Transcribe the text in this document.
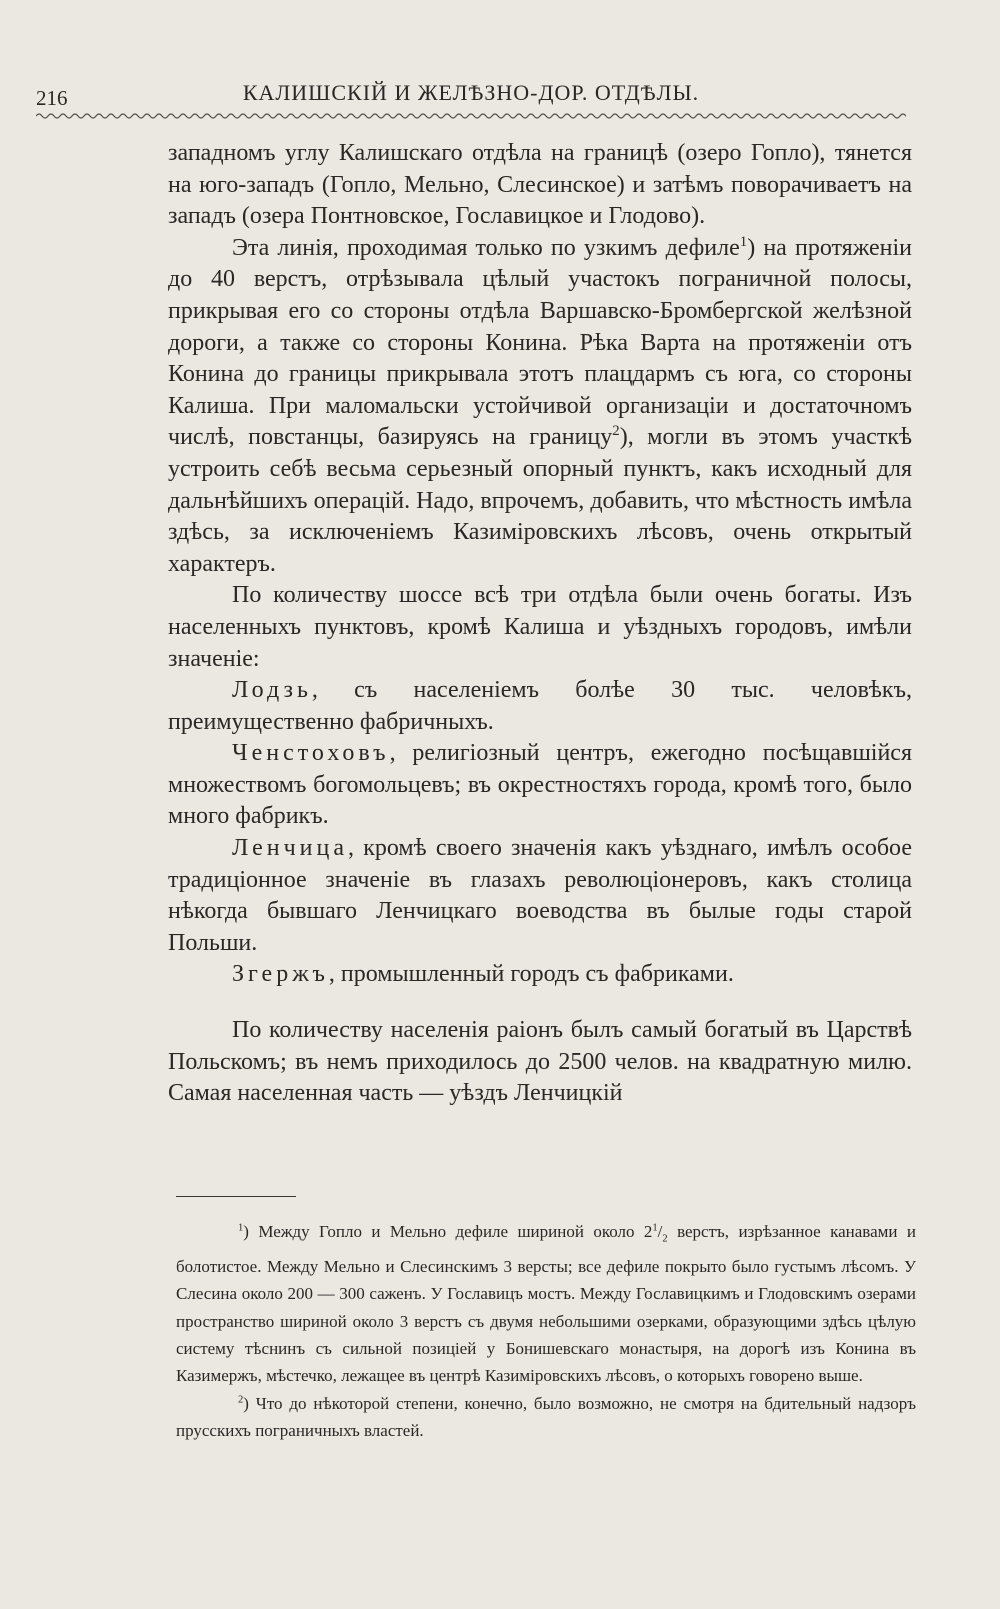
216	КАЛИШСКІЙ И ЖЕЛѢЗНО-ДОР. ОТДѢЛЫ.

западномъ углу Калишскаго отдѣла на границѣ (озеро Гопло), тянется на юго-западъ (Гопло, Мельно, Слесинское) и затѣмъ поворачиваетъ на западъ (озера Понтновское, Гославицкое и Глодово).

Эта линія, проходимая только по узкимъ дефиле$^1$) на протяженіи до 40 верстъ, отрѣзывала цѣлый участокъ пограничной полосы, прикрывая его со стороны отдѣла Варшавско-Бромбергской желѣзной дороги, а также со стороны Конина. Рѣка Варта на протяженіи отъ Конина до границы прикрывала этотъ плацдармъ съ юга, со стороны Калиша. При маломальски устойчивой организаціи и достаточномъ числѣ, повстанцы, базируясь на границу$^2$), могли въ этомъ участкѣ устроить себѣ весьма серьезный опорный пунктъ, какъ исходный для дальнѣйшихъ операцій. Надо, впрочемъ, добавить, что мѣстность имѣла здѣсь, за исключеніемъ Казиміровскихъ лѣсовъ, очень открытый характеръ.

По количеству шоссе всѣ три отдѣла были очень богаты. Изъ населенныхъ пунктовъ, кромѣ Калиша и уѣздныхъ городовъ, имѣли значеніе:

Лодзь, съ населеніемъ болѣе 30 тыс. человѣкъ, преимущественно фабричныхъ.

Ченстоховъ, религіозный центръ, ежегодно посѣщавшійся множествомъ богомольцевъ; въ окрестностяхъ города, кромѣ того, было много фабрикъ.

Ленчица, кромѣ своего значенія какъ уѣзднаго, имѣлъ особое традиціонное значеніе въ глазахъ революціонеровъ, какъ столица нѣкогда бывшаго Ленчицкаго воеводства въ былые годы старой Польши.

Згержъ, промышленный городъ съ фабриками.

По количеству населенія раіонъ былъ самый богатый въ Царствѣ Польскомъ; въ немъ приходилось до 2500 челов. на квадратную милю. Самая населенная часть — уѣздъ Ленчицкій

$^1$) Между Гопло и Мельно дефиле шириной около $2^1/_2$ верстъ, изрѣзанное канавами и болотистое. Между Мельно и Слесинскимъ 3 версты; все дефиле покрыто было густымъ лѣсомъ. У Слесина около 200 — 300 саженъ. У Гославицъ мостъ. Между Гославицкимъ и Глодовскимъ озерами пространство шириной около 3 верстъ съ двумя небольшими озерками, образующими здѣсь цѣлую систему тѣснинъ съ сильной позиціей у Бонишевскаго монастыря, на дорогѣ изъ Конина въ Казимержъ, мѣстечко, лежащее въ центрѣ Казиміровскихъ лѣсовъ, о которыхъ говорено выше.

$^2$) Что до нѣкоторой степени, конечно, было возможно, не смотря на бдительный надзоръ прусскихъ пограничныхъ властей.
